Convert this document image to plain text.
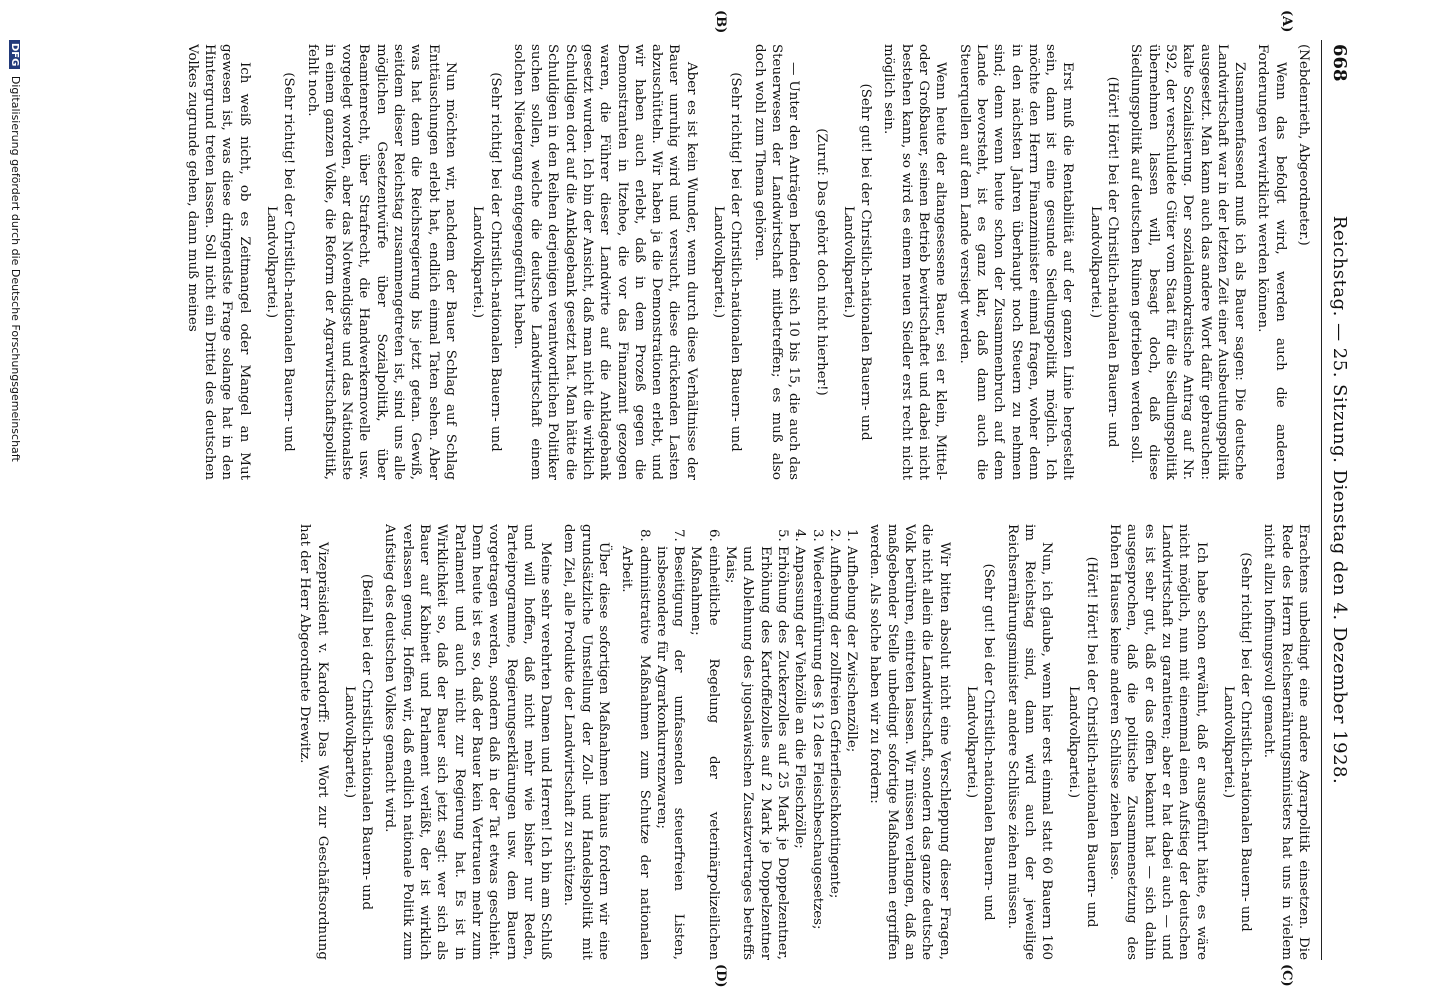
668
Reichstag. — 25. Sitzung. Dienstag den 4. Dezember 1928.
(A)
(B)
(C)
(D)

(Nebdenrieth, Abgeordneter.)

Wenn das befolgt wird, werden auch die anderen Forderungen verwirklicht werden können.

Zusammenfassend muß ich als Bauer sagen: Die deutsche Landwirtschaft war in der letzten Zeit einer Ausbeutungspolitik ausgesetzt. Man kann auch das andere Wort dafür gebrauchen: kalte Sozialisierung. Der sozialdemokratische Antrag auf Nr. 592, der verschuldete Güter vom Staat für die Siedlungspolitik übernehmen lassen will, besagt doch, daß diese Siedlungspolitik auf deutschen Ruinen getrieben werden soll.

(Hört! Hört! bei der Christlich-nationalen Bauern- und Landvolkpartei.)

Erst muß die Rentabilität auf der ganzen Linie hergestellt sein, dann ist eine gesunde Siedlungspolitik möglich. Ich möchte den Herrn Finanzminister einmal fragen, woher denn in den nächsten Jahren überhaupt noch Steuern zu nehmen sind; denn wenn heute schon der Zusammenbruch auf dem Lande bevorsteht, ist es ganz klar, daß dann auch die Steuerquellen auf dem Lande versiegt werden.

Wenn heute der altangesessene Bauer, sei er klein, Mittel- oder Großbauer, seinen Betrieb bewirtschaftet und dabei nicht bestehen kann, so wird es einem neuen Siedler erst recht nicht möglich sein.

(Sehr gut! bei der Christlich-nationalen Bauern- und Landvolkpartei.)

(Zuruf: Das gehört doch nicht hierher!)

— Unter den Anträgen befinden sich 10 bis 15, die auch das Steuerwesen der Landwirtschaft mitbetreffen; es muß also doch wohl zum Thema gehören.

(Sehr richtig! bei der Christlich-nationalen Bauern- und Landvolkpartei.)

Aber es ist kein Wunder, wenn durch diese Verhältnisse der Bauer unruhig wird und versucht, diese drückenden Lasten abzuschütteln. Wir haben ja die Demonstrationen erlebt, und wir haben auch erlebt, daß in dem Prozeß gegen die Demonstranten in Itzehoe, die vor das Finanzamt gezogen waren, die Führer dieser Landwirte auf die Anklagebank gesetzt wurden. Ich bin der Ansicht, daß man nicht die wirklich Schuldigen dort auf die Anklagebank gesetzt hat. Man hätte die Schuldigen in den Reihen derjenigen verantwortlichen Politiker suchen sollen, welche die deutsche Landwirtschaft einem solchen Niedergang entgegengeführt haben.

(Sehr richtig! bei der Christlich-nationalen Bauern- und Landvolkpartei.)

Nun möchten wir, nachdem der Bauer Schlag auf Schlag Enttäuschungen erlebt hat, endlich einmal Taten sehen. Aber was hat denn die Reichsregierung bis jetzt getan. Gewiß, seitdem dieser Reichstag zusammengetreten ist, sind uns alle möglichen Gesetzentwürfe über Sozialpolitik, über Beamtenrecht, über Strafrecht, die Handwerkernovelle usw. vorgelegt worden, aber das Notwendigste und das Nationalste in einem ganzen Volke, die Reform der Agrarwirtschaftspolitik, fehlt noch.

(Sehr richtig! bei der Christlich-nationalen Bauern- und Landvolkpartei.)

Ich weiß nicht, ob es Zeitmangel oder Mangel an Mut gewesen ist, was diese dringendste Frage solange hat in den Hintergrund treten lassen. Soll nicht ein Drittel des deutschen Volkes zugrunde gehen, dann muß meines

Erachtens unbedingt eine andere Agrarpolitik einsetzen. Die Rede des Herrn Reichsernährungsministers hat uns in vielem nicht allzu hoffnungsvoll gemacht.

(Sehr richtig! bei der Christlich-nationalen Bauern- und Landvolkpartei.)

Ich habe schon erwähnt, daß er ausgeführt hätte, es wäre nicht möglich, nun mit einemmal einen Aufstieg der deutschen Landwirtschaft zu garantieren; aber er hat dabei auch — und es ist sehr gut, daß er das offen bekannt hat — sich dahin ausgesprochen, daß die politische Zusammensetzung des Hohen Hauses keine anderen Schlüsse ziehen lasse.

(Hört! Hört! bei der Christlich-nationalen Bauern- und Landvolkpartei.)

Nun, ich glaube, wenn hier erst einmal statt 60 Bauern 160 im Reichstag sind, dann wird auch der jeweilige Reichsernährungsminister andere Schlüsse ziehen müssen.

(Sehr gut! bei der Christlich-nationalen Bauern- und Landvolkpartei.)

Wir bitten absolut nicht eine Verschleppung dieser Fragen, die nicht allein die Landwirtschaft, sondern das ganze deutsche Volk berühren, eintreten lassen. Wir müssen verlangen, daß an maßgebender Stelle unbedingt sofortige Maßnahmen ergriffen werden. Als solche haben wir zu fordern:

1. Aufhebung der Zwischenzölle;
2. Aufhebung der zollfreien Gefrierfleischkontingente;
3. Wiedereinführung des § 12 des Fleischbeschaugesetzes;
4. Anpassung der Viehzölle an die Fleischzölle;
5. Erhöhung des Zuckerzolles auf 25 Mark je Doppelzentner, Erhöhung des Kartoffelzolles auf 2 Mark je Doppelzentner und Ablehnung des jugoslawischen Zusatzvertrages betreffs Mais;
6. einheitliche Regelung der veterinärpolizeilichen Maßnahmen;
7. Beseitigung der umfassenden steuerfreien Listen, insbesondere für Agrarkonkurrenzwaren;
8. administrative Maßnahmen zum Schutze der nationalen Arbeit.

Über diese sofortigen Maßnahmen hinaus fordern wir eine grundsätzliche Umstellung der Zoll- und Handelspolitik mit dem Ziel, alle Produkte der Landwirtschaft zu schützen.

Meine sehr verehrten Damen und Herren! Ich bin am Schluß und will hoffen, daß nicht mehr wie bisher nur Reden, Parteiprogramme, Regierungserklärungen usw. dem Bauern vorgetragen werden, sondern daß in der Tat etwas geschieht. Denn heute ist es so, daß der Bauer kein Vertrauen mehr zum Parlament und auch nicht zur Regierung hat. Es ist in Wirklichkeit so, daß der Bauer sich jetzt sagt: wer sich als Bauer auf Kabinett und Parlament verläßt, der ist wirklich verlassen genug. Hoffen wir, daß endlich nationale Politik zum Aufstieg des deutschen Volkes gemacht wird.

(Beifall bei der Christlich-nationalen Bauern- und Landvolkpartei.)

Vizepräsident v. Kardorff: Das Wort zur Geschäftsordnung hat der Herr Abgeordnete Drewitz.

DFG Digitalisierung gefördert durch die Deutsche Forschungsgemeinschaft
